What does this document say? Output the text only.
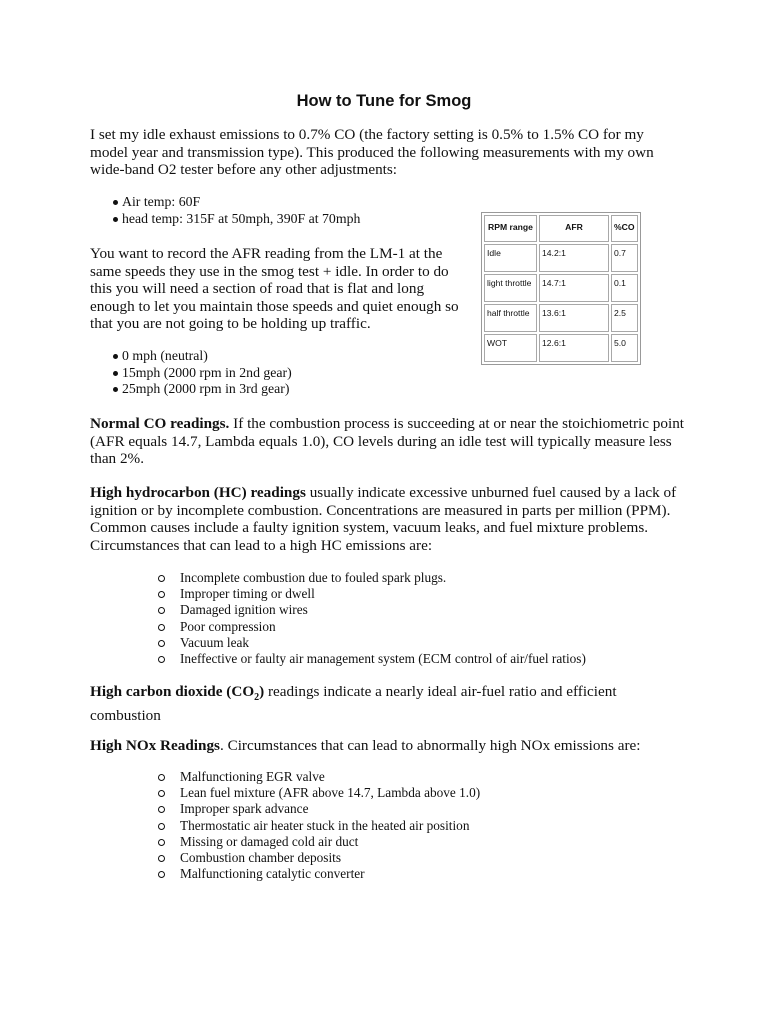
How to Tune for Smog

I set my idle exhaust emissions to 0.7% CO (the factory setting is 0.5% to 1.5% CO for my model year and transmission type). This produced the following measurements with my own wide-band O2 tester before any other adjustments:

Air temp: 60F
head temp: 315F at 50mph, 390F at 70mph

You want to record the AFR reading from the LM-1 at the same speeds they use in the smog test + idle. In order to do this you will need a section of road that is flat and long enough to let you maintain those speeds and quiet enough so that you are not going to be holding up traffic.

0 mph (neutral)
15mph (2000 rpm in 2nd gear)
25mph (2000 rpm in 3rd gear)
RPM range	AFR	%CO
Idle	14.2:1	0.7
light throttle	14.7:1	0.1
half throttle	13.6:1	2.5
WOT	12.6:1	5.0

Normal CO readings. If the combustion process is succeeding at or near the stoichiometric point (AFR equals 14.7, Lambda equals 1.0), CO levels during an idle test will typically measure less than 2%.

High hydrocarbon (HC) readings usually indicate excessive unburned fuel caused by a lack of ignition or by incomplete combustion. Concentrations are measured in parts per million (PPM). Common causes include a faulty ignition system, vacuum leaks, and fuel mixture problems. Circumstances that can lead to a high HC emissions are:

Incomplete combustion due to fouled spark plugs.
Improper timing or dwell
Damaged ignition wires
Poor compression
Vacuum leak
Ineffective or faulty air management system (ECM control of air/fuel ratios)

High carbon dioxide $(CO_2)$ readings indicate a nearly ideal air-fuel ratio and efficient combustion

High NOx Readings. Circumstances that can lead to abnormally high NOx emissions are:

Malfunctioning EGR valve
Lean fuel mixture (AFR above 14.7, Lambda above 1.0)
Improper spark advance
Thermostatic air heater stuck in the heated air position
Missing or damaged cold air duct
Combustion chamber deposits
Malfunctioning catalytic converter
